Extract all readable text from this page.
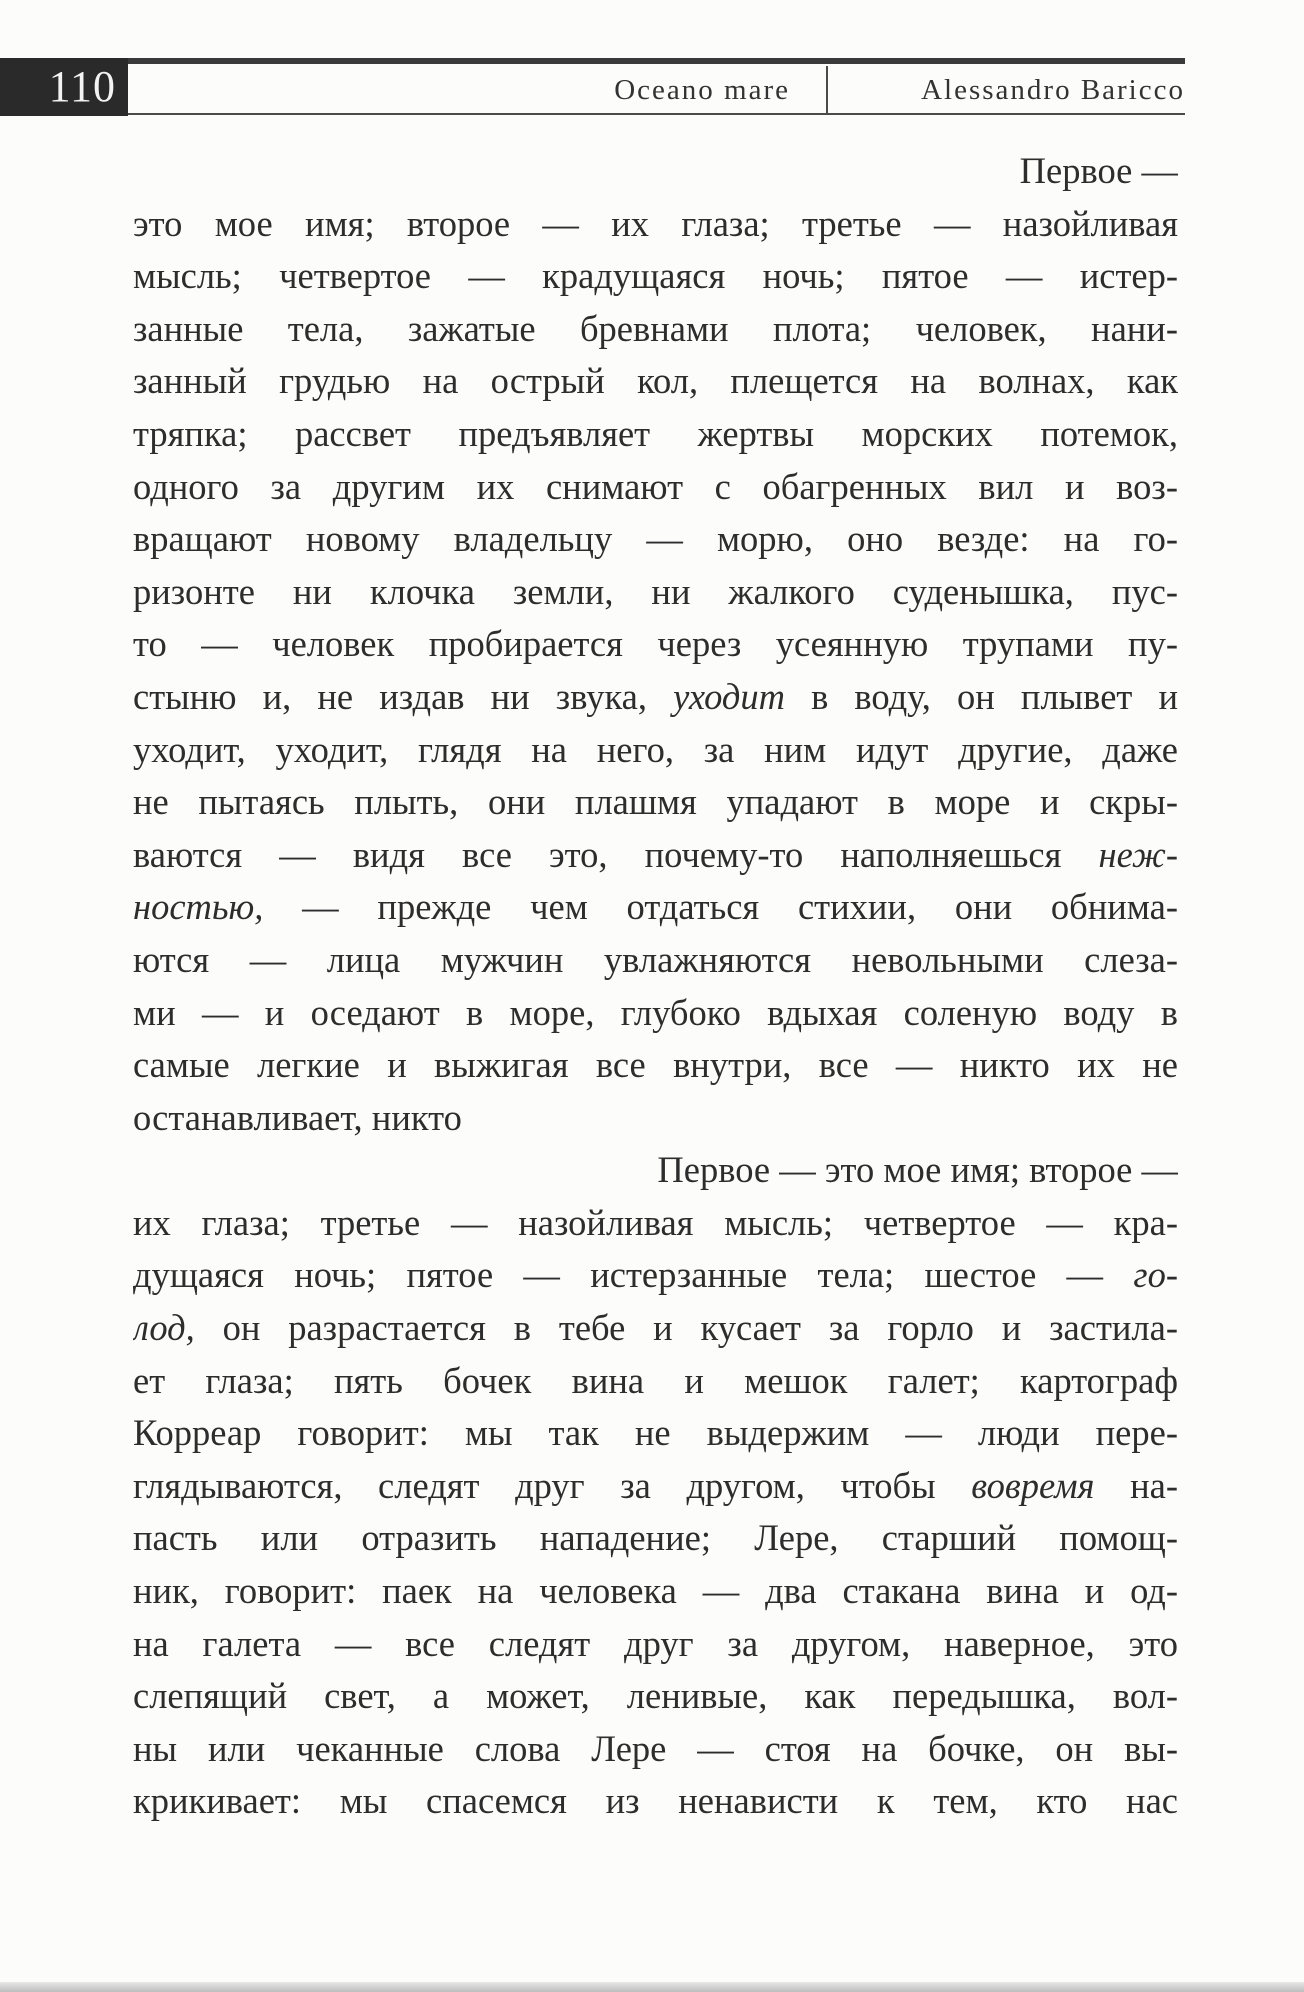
110	Oceano mare	Alessandro Baricco
Первое —
это мое имя; второе — их глаза; третье — назойливая
мысль; четвертое — крадущаяся ночь; пятое — истер-
занные тела, зажатые бревнами плота; человек, нани-
занный грудью на острый кол, плещется на волнах, как
тряпка; рассвет предъявляет жертвы морских потемок,
одного за другим их снимают с обагренных вил и воз-
вращают новому владельцу — морю, оно везде: на го-
ризонте ни клочка земли, ни жалкого суденышка, пус-
то — человек пробирается через усеянную трупами пу-
стыню и, не издав ни звука, уходит в воду, он плывет и
уходит, уходит, глядя на него, за ним идут другие, даже
не пытаясь плыть, они плашмя упадают в море и скры-
ваются — видя все это, почему-то наполняешься неж-
ностью, — прежде чем отдаться стихии, они обнима-
ются — лица мужчин увлажняются невольными слеза-
ми — и оседают в море, глубоко вдыхая соленую воду в
самые легкие и выжигая все внутри, все — никто их не
останавливает, никто
Первое — это мое имя; второе —
их глаза; третье — назойливая мысль; четвертое — кра-
дущаяся ночь; пятое — истерзанные тела; шестое — го-
лод, он разрастается в тебе и кусает за горло и застила-
ет глаза; пять бочек вина и мешок галет; картограф
Корреар говорит: мы так не выдержим — люди пере-
глядываются, следят друг за другом, чтобы вовремя на-
пасть или отразить нападение; Лере, старший помощ-
ник, говорит: паек на человека — два стакана вина и од-
на галета — все следят друг за другом, наверное, это
слепящий свет, а может, ленивые, как передышка, вол-
ны или чеканные слова Лере — стоя на бочке, он вы-
крикивает: мы спасемся из ненависти к тем, кто нас
